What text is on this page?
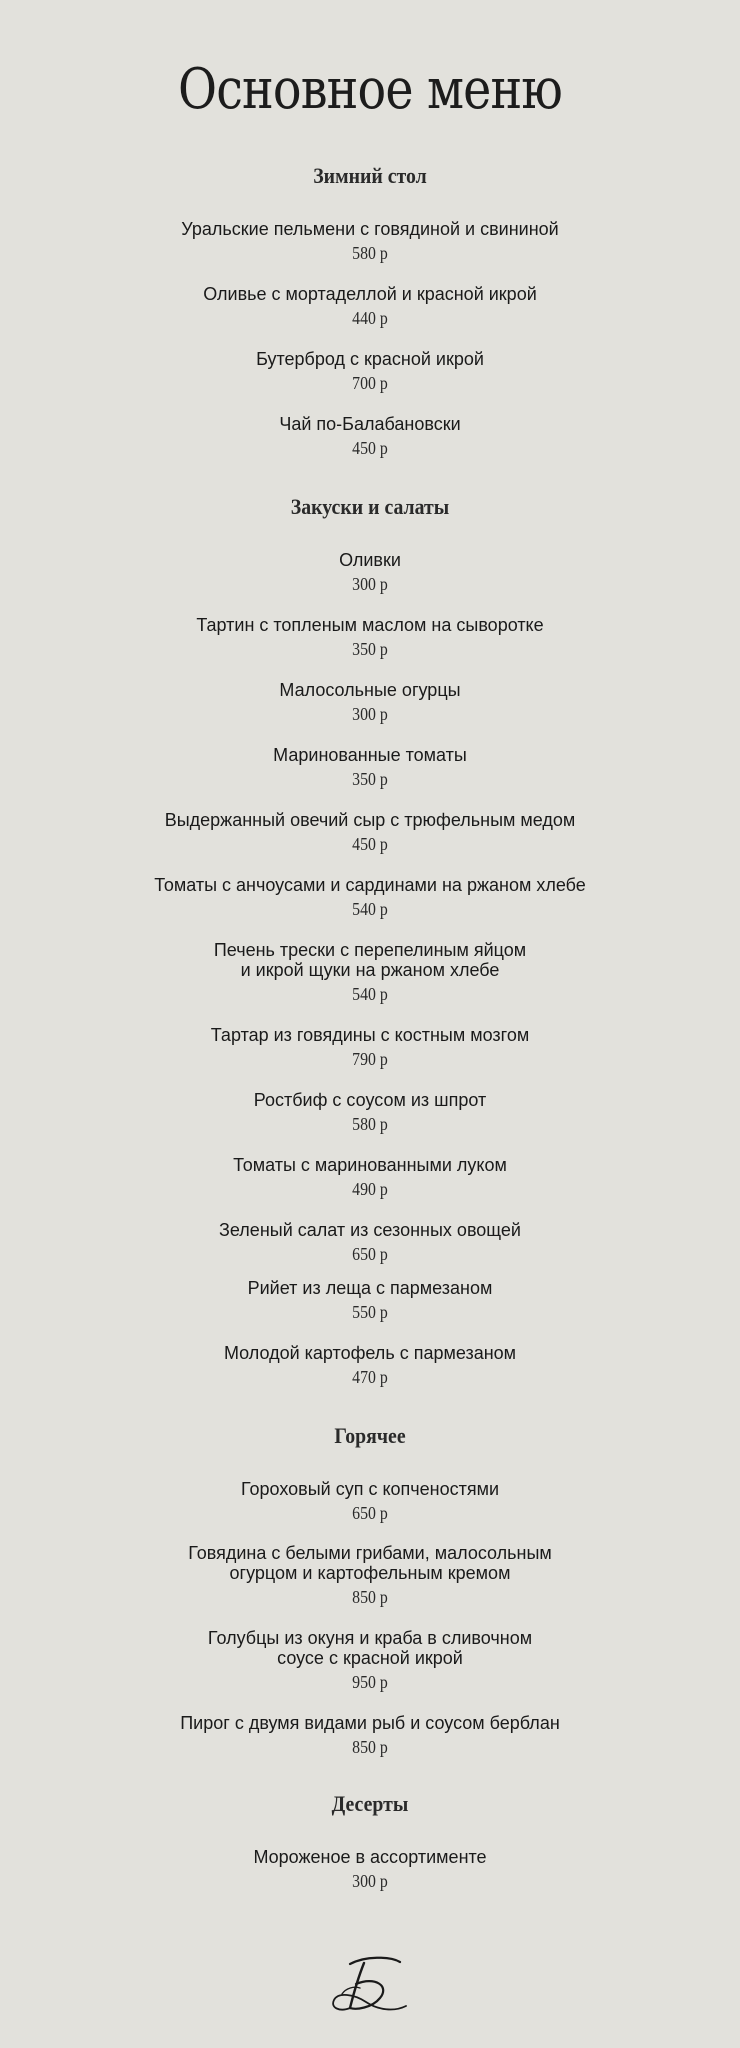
Основное меню
Зимний стол

Уральские пельмени с говядиной и свининой

580 р

Оливье с мортаделлой и красной икрой

440 р

Бутерброд с красной икрой

700 р

Чай по-Балабановски

450 р

Закуски и салаты

Оливки

300 р

Тартин с топленым маслом на сыворотке

350 р

Малосольные огурцы

300 р

Маринованные томаты

350 р

Выдержанный овечий сыр с трюфельным медом

450 р

Томаты с анчоусами и сардинами на ржаном хлебе

540 р

Печень трески с перепелиным яйцом
и икрой щуки на ржаном хлебе

540 р

Тартар из говядины с костным мозгом

790 р

Ростбиф с соусом из шпрот

580 р

Томаты с маринованными луком

490 р

Зеленый салат из сезонных овощей

650 р

Рийет из леща с пармезаном

550 р

Молодой картофель с пармезаном

470 р

Горячее

Гороховый суп с копченостями

650 р

Говядина с белыми грибами, малосольным
огурцом и картофельным кремом

850 р

Голубцы из окуня и краба в сливочном
соусе с красной икрой

950 р

Пирог с двумя видами рыб и соусом берблан

850 р

Десерты

Мороженое в ассортименте

300 р
